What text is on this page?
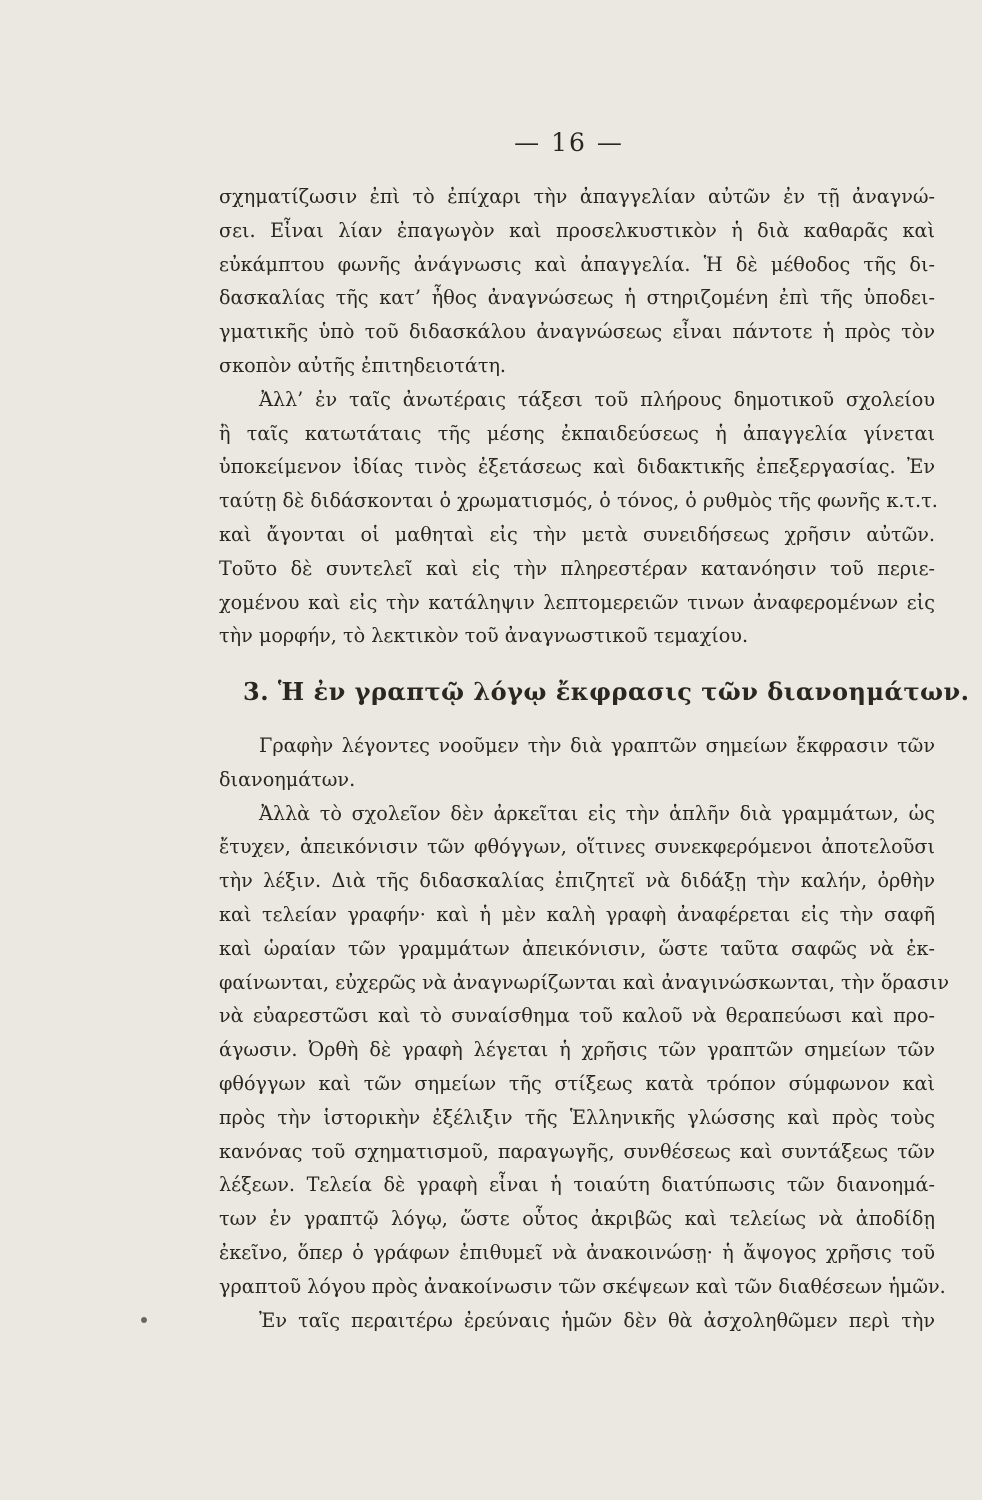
— 16 —
σχηματίζωσιν ἐπὶ τὸ ἐπίχαρι τὴν ἀπαγγελίαν αὐτῶν ἐν τῇ ἀναγνώ-
σει. Εἶναι λίαν ἐπαγωγὸν καὶ προσελκυστικὸν ἡ διὰ καθαρᾶς καὶ
εὐκάμπτου φωνῆς ἀνάγνωσις καὶ ἀπαγγελία. Ἡ δὲ μέθοδος τῆς δι-
δασκαλίας τῆς κατ’ ἦθος ἀναγνώσεως ἡ στηριζομένη ἐπὶ τῆς ὑποδει-
γματικῆς ὑπὸ τοῦ διδασκάλου ἀναγνώσεως εἶναι πάντοτε ἡ πρὸς τὸν
σκοπὸν αὐτῆς ἐπιτηδειοτάτη.
Ἀλλ’ ἐν ταῖς ἀνωτέραις τάξεσι τοῦ πλήρους δημοτικοῦ σχολείου
ἢ ταῖς κατωτάταις τῆς μέσης ἐκπαιδεύσεως ἡ ἀπαγγελία γίνεται
ὑποκείμενον ἰδίας τινὸς ἐξετάσεως καὶ διδακτικῆς ἐπεξεργασίας. Ἐν
ταύτῃ δὲ διδάσκονται ὁ χρωματισμός, ὁ τόνος, ὁ ρυθμὸς τῆς φωνῆς κ.τ.τ.
καὶ ἄγονται οἱ μαθηταὶ εἰς τὴν μετὰ συνειδήσεως χρῆσιν αὐτῶν.
Τοῦτο δὲ συντελεῖ καὶ εἰς τὴν πληρεστέραν κατανόησιν τοῦ περιε-
χομένου καὶ εἰς τὴν κατάληψιν λεπτομερειῶν τινων ἀναφερομένων εἰς
τὴν μορφήν, τὸ λεκτικὸν τοῦ ἀναγνωστικοῦ τεμαχίου.
3. Ἡ ἐν γραπτῷ λόγῳ ἔκφρασις τῶν διανοημάτων.
Γραφὴν λέγοντες νοοῦμεν τὴν διὰ γραπτῶν σημείων ἔκφρασιν τῶν
διανοημάτων.
Ἀλλὰ τὸ σχολεῖον δὲν ἀρκεῖται εἰς τὴν ἁπλῆν διὰ γραμμάτων, ὡς
ἔτυχεν, ἀπεικόνισιν τῶν φθόγγων, οἵτινες συνεκφερόμενοι ἀποτελοῦσι
τὴν λέξιν. Διὰ τῆς διδασκαλίας ἐπιζητεῖ νὰ διδάξῃ τὴν καλήν, ὀρθὴν
καὶ τελείαν γραφήν· καὶ ἡ μὲν καλὴ γραφὴ ἀναφέρεται εἰς τὴν σαφῆ
καὶ ὡραίαν τῶν γραμμάτων ἀπεικόνισιν, ὥστε ταῦτα σαφῶς νὰ ἐκ-
φαίνωνται, εὐχερῶς νὰ ἀναγνωρίζωνται καὶ ἀναγινώσκωνται, τὴν ὅρασιν
νὰ εὐαρεστῶσι καὶ τὸ συναίσθημα τοῦ καλοῦ νὰ θεραπεύωσι καὶ προ-
άγωσιν. Ὀρθὴ δὲ γραφὴ λέγεται ἡ χρῆσις τῶν γραπτῶν σημείων τῶν
φθόγγων καὶ τῶν σημείων τῆς στίξεως κατὰ τρόπον σύμφωνον καὶ
πρὸς τὴν ἱστορικὴν ἐξέλιξιν τῆς Ἑλληνικῆς γλώσσης καὶ πρὸς τοὺς
κανόνας τοῦ σχηματισμοῦ, παραγωγῆς, συνθέσεως καὶ συντάξεως τῶν
λέξεων. Τελεία δὲ γραφὴ εἶναι ἡ τοιαύτη διατύπωσις τῶν διανοημά-
των ἐν γραπτῷ λόγῳ, ὥστε οὗτος ἀκριβῶς καὶ τελείως νὰ ἀποδίδῃ
ἐκεῖνο, ὅπερ ὁ γράφων ἐπιθυμεῖ νὰ ἀνακοινώσῃ· ἡ ἄψογος χρῆσις τοῦ
γραπτοῦ λόγου πρὸς ἀνακοίνωσιν τῶν σκέψεων καὶ τῶν διαθέσεων ἡμῶν.
Ἐν ταῖς περαιτέρω ἐρεύναις ἡμῶν δὲν θὰ ἀσχοληθῶμεν περὶ τὴν
